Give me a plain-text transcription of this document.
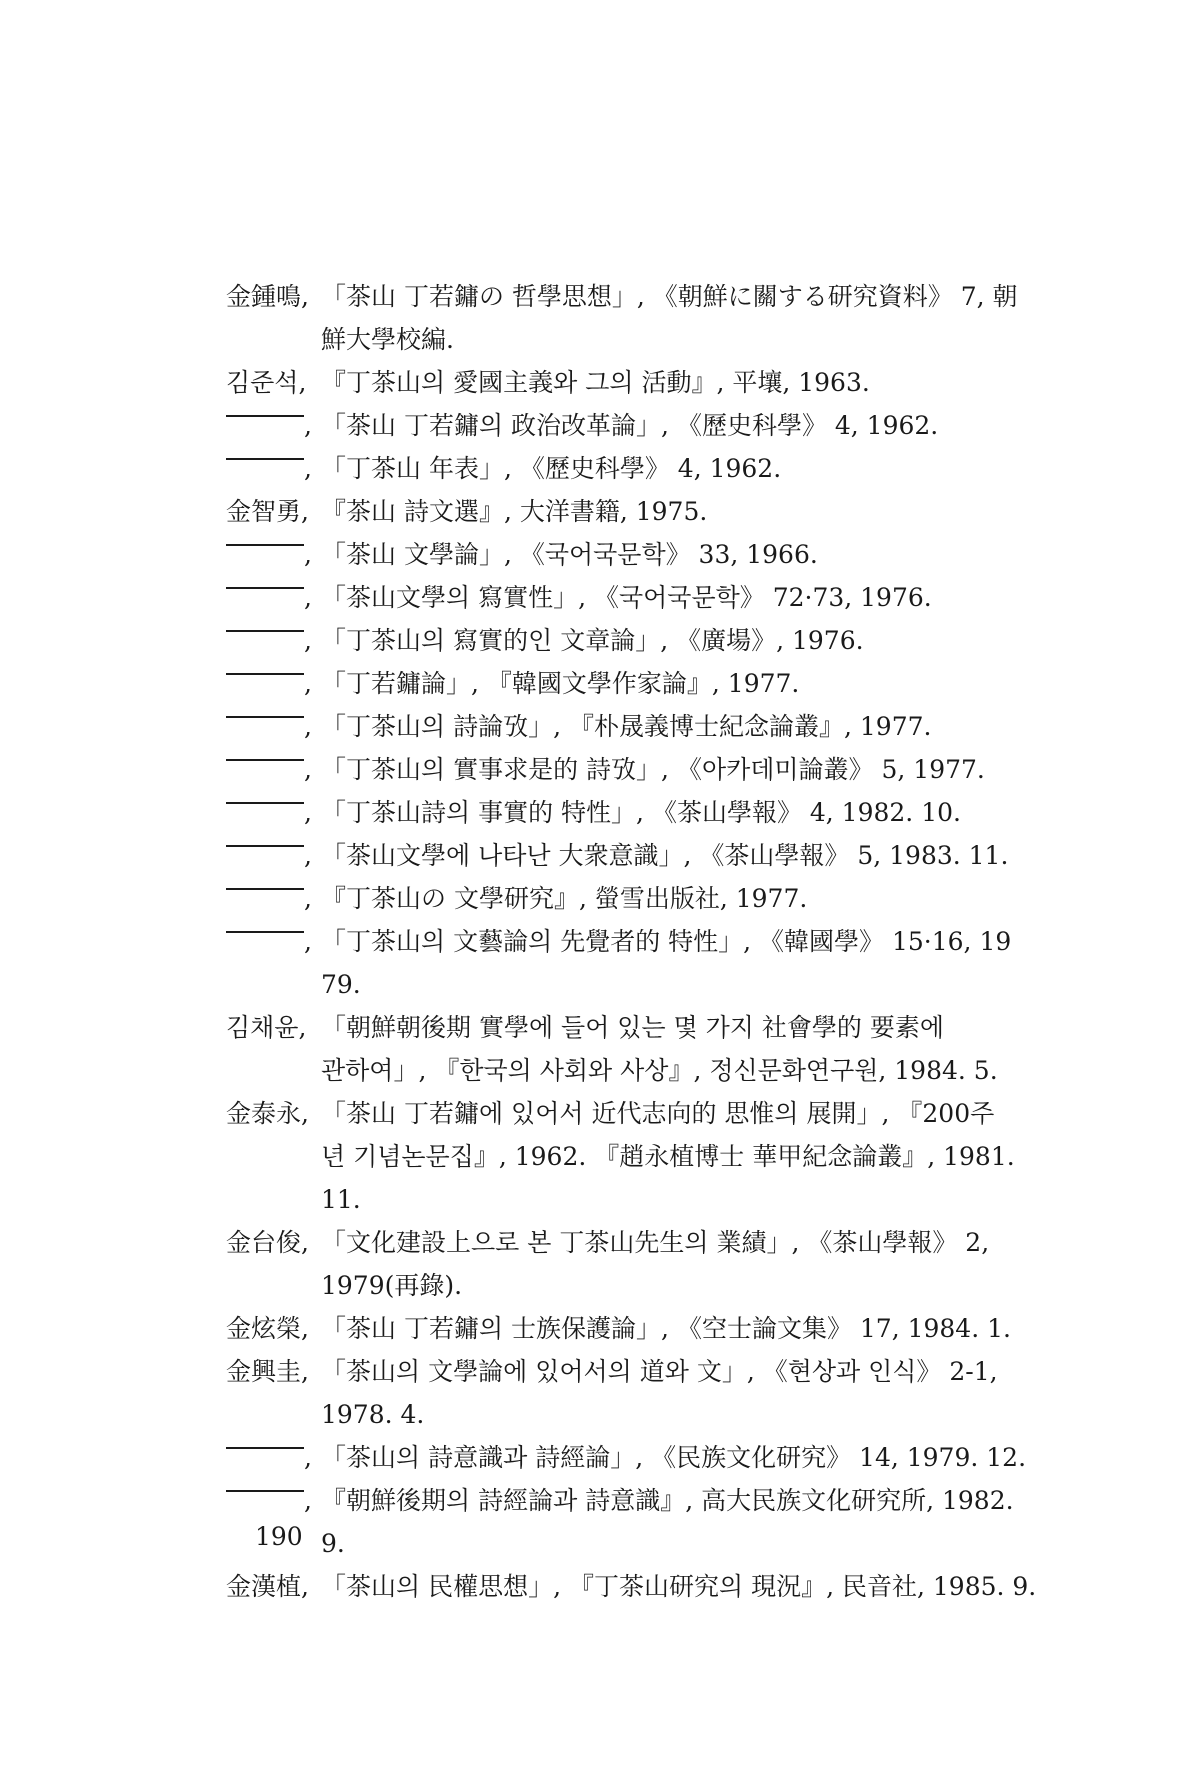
金鍾鳴, 「茶山 丁若鏞の 哲學思想」, 《朝鮮に關する研究資料》 7, 朝
鮮大學校編.
김준석, 『丁茶山의 愛國主義와 그의 活動』, 平壤, 1963.
, 「茶山 丁若鏞의 政治改革論」, 《歷史科學》 4, 1962.
, 「丁茶山 年表」, 《歷史科學》 4, 1962.
金智勇, 『茶山 詩文選』, 大洋書籍, 1975.
, 「茶山 文學論」, 《국어국문학》 33, 1966.
, 「茶山文學의 寫實性」, 《국어국문학》 72·73, 1976.
, 「丁茶山의 寫實的인 文章論」, 《廣場》, 1976.
, 「丁若鏞論」, 『韓國文學作家論』, 1977.
, 「丁茶山의 詩論攷」, 『朴晟義博士紀念論叢』, 1977.
, 「丁茶山의 實事求是的 詩攷」, 《아카데미論叢》 5, 1977.
, 「丁茶山詩의 事實的 特性」, 《茶山學報》 4, 1982. 10.
, 「茶山文學에 나타난 大衆意識」, 《茶山學報》 5, 1983. 11.
, 『丁茶山の 文學研究』, 螢雪出版社, 1977.
, 「丁茶山의 文藝論의 先覺者的 特性」, 《韓國學》 15·16, 19
79.
김채윤, 「朝鮮朝後期 實學에 들어 있는 몇 가지 社會學的 要素에
관하여」, 『한국의 사회와 사상』, 정신문화연구원, 1984. 5.
金泰永, 「茶山 丁若鏞에 있어서 近代志向的 思惟의 展開」, 『200주
년 기념논문집』, 1962. 『趙永植博士 華甲紀念論叢』, 1981.
11.
金台俊, 「文化建設上으로 본 丁茶山先生의 業績」, 《茶山學報》 2,
1979(再錄).
金炫榮, 「茶山 丁若鏞의 士族保護論」, 《空士論文集》 17, 1984. 1.
金興圭, 「茶山의 文學論에 있어서의 道와 文」, 《현상과 인식》 2-1,
1978. 4.
, 「茶山의 詩意識과 詩經論」, 《民族文化研究》 14, 1979. 12.
, 『朝鮮後期의 詩經論과 詩意識』, 高大民族文化研究所, 1982.
9.
金漢植, 「茶山의 民權思想」, 『丁茶山研究의 現況』, 民音社, 1985. 9.
190
